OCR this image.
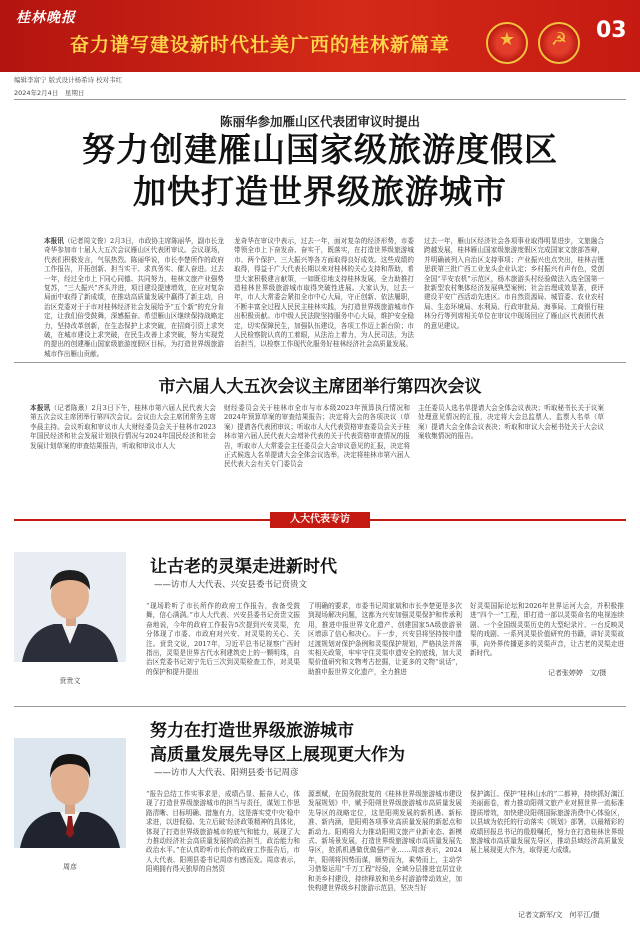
桂林晚报
奋力谱写建设新时代壮美广西的桂林新篇章	★	☭	03
编辑李富宁 版式设计杨希诗 校对韦红
2024年2月4日　星期日
陈丽华参加雁山区代表团审议时提出
努力创建雁山国家级旅游度假区
加快打造世界级旅游城市
本报讯（记者周文俊）2月3日，市政协主席陈丽华，副市长龙奇华参加市十届人大五次会议雁山区代表团审议。会议现场，代表们积极发言，气氛热烈。陈丽华说，市长李楚所作的政府工作报告，开拓创新、担当实干、求真务实、催人奋进。过去一年，经过全市上下同心同德、共同努力，桂林文旅产业强势复苏，“三大振兴”齐头并进，项目建设提速增效，在应对复杂局面中取得了新成绩，在推动高质量发展中赢得了新主动，自治区党委对于于市对桂林经济社会发展给予“五个新”的充分肯定，让我们倍受鼓舞，深感振奋。希望雁山区继续保持战略定力，坚持改革创新，在生态保护上求突破，在招商引资上求突破，在城市建设上求突破，在民生改善上求突破，努力实现党的提出的创建雁山国家级旅游度假区目标，为打造世界级旅游城市作出雁山贡献。
龙奇华在审议中表示，过去一年，面对复杂的经济形势，市委带领全市上下奋发奋、奋实干，既落实，在打造世界级旅游城市、两个保护、三大振兴等各方面取得良好成效。这些成绩的取得，得益于广大代表长期以来对桂林的关心支持和帮助，希望大家积极建言献策，一如既往地支持桂林发展，全力助推打造桂林世界级旅游城市取得突破性进展。大家认为，过去一年，市人大常委会紧扣全市中心大局，守正创新、依法履职，不断丰富全过程人民民主桂林实践，为打造世界级旅游城市作出积极贡献。市中级人民法院坚持服务中心大局，维护安全稳定，切实保障民生，加强队伍建设，各项工作迈上新台阶；市人民检察院认真的工着眼，从法治上着力，为人民司法，为法治担当，以检察工作现代化服务好桂林经济社会高质量发展。
过去一年，雁山区经济社会各项事业取得明显进步，文旅融合跨越发展，桂林雁山国家级旅游度假区完成国家文旅部答辩，并明确被列入自治区支持事项；产业振兴也点突出，桂林吉锂思获第三批广西工业龙头企业认定；乡村振兴有声有色，党创全国“平安农机”示范区，杨木旅游头村经验做法入选全国第一批新型农村集体经济发展典型案例；社会治理成效显著，获评建设平安广西活动先进区。市自然资源局、城管委、农业农村局、生态环境局、水利局、行政审批局、海事局、工商银行桂林分行等列席相关单位在审议中现场回应了雁山区代表团代表的意见建议。
市六届人大五次会议主席团举行第四次会议
本报讯（记者陈熹）2月3日下午，桂林市第六届人民代表大会第五次会议主席团举行第四次会议。会议由大会主席团常务主席李晨主持。会议听取和审议市人大财经委员会关于桂林市2023年国民经济和社会发展计划执行情况与2024年国民经济和社会发展计划草案的审查结果报告，听取和审议市人大
财经委员会关于桂林市全市与市本级2023年预算执行情况和2024年预算草案的审查结果报告；决定将大会的各项决议（草案）提请各代表团审议；听取市人大代表资格审查委员会关于桂林市第六届人民代表大会增补代表的关于代表资格审查情况的报告，听取市人大常委会主任委员会大会审议意见的汇报，决定将正式候选人名单提请大会全体会议选举，决定将桂林市第六届人民代表大会有关专门委员会
主任委员人选名单提请大会全体会议表决；听取秘书长关于议案处理意见情况的汇报，决定将大会总监票人、监票人名单（草案）提请大会全体会议表决；听取和审议大会秘书处关于大会议案收集情况的报告。
人大代表专访
贲贵文
让古老的灵渠走进新时代
——访市人大代表、兴安县委书记贲贵文
“现场聆听了市长所作的政府工作报告，我备受鼓舞，信心满满。”市人大代表、兴安县委书记贲贵文振奋地说，今年的政府工作报告5次提到兴安灵渠，充分体现了市委、市政府对兴安、对灵渠的关心、关注。贲贵文说，2017年，习近平总书记视察广西时指出，灵渠是世界古代水利建筑史上的一颗明珠，自治区党委书记刘宁先后三次到灵渠检查工作，对灵渠的保护和提升提出
了明确的要求，市委书记周家斌和市长李楚更是多次到现场解决问题，这都为兴安加强灵渠保护和传承利用，推进申报世界文化遗产、创建国家5A级旅游景区增添了信心和决心。下一步，兴安县将坚持按申遗过渡规划对保护条例和灵渠保护规划，严格执法并落实相关政策，牢牢守住灵渠申遗安全的底线，加大灵渠价值研究和文物考古挖掘，让更多的文物“说话”，助推申报世界文化遗产，全力推进
好灵渠国际论坛和2026年世界运河大会，并积极推进“四个一”工程，即打造一部以灵渠命名的电视连续剧、一个全国级灵渠历史的大型纪录片、一台反映灵渠的戏剧、一系列灵渠价值研究的书籍，讲好灵渠故事，向外界传播更多的灵渠声音，让古老的灵渠走进新时代。
记者张婷婷　文/摄
周彦
努力在打造世界级旅游城市
高质量发展先导区上展现更大作为
——访市人大代表、阳朔县委书记周彦
“报告总结工作实事求是，成绩凸显、振奋人心，体现了打造世界级旅游城市的担当与责任，谋划工作思路清晰、目标明确、措施有力，这是落实党中央‘稳中求进，以进促稳、先立后破’经济政策精神的具体化，体现了打造世界级旅游城市的底气和能力，展现了大力推动经济社会高质量发展的政治担当，政治能力和政治水平。”在认真聆听市长作的政府工作报告后，市人大代表、阳朔县委书记周彦有感而发。周彦表示，阳朔拥有得天独厚的自然资
源禀赋，在国务院批复的《桂林世界级旅游城市建设发展规划》中，赋予阳朔世界级旅游城市高质量发展先导区的战略定位，这是阳朔发展的新机遇、新标准、新内涵，是阳朔各项事业高质量发展的新起点和新动力。阳朔将大力推动阳朔文旅产业新业态、新模式、新场景发展，打造世界级旅游城市高质量发展先导区，抢抓机遇做优做强产业……周彦表示，2024年，阳朔将因势而谋，顺势而为，乘势而上，主动学习借鉴运用“千万工程”经验，全域分层推进宜居宜业和美乡村建设，持续释放和美乡村游游带动效应，加快构建世界级乡村旅游示范县，坚决当好
保护漓江、保护“桂林山水的”二都神，持续抓好漓江美丽画卷，着力推动阳朔文旅产业对照世界一流标准提质增效，加快建设阳朔国际旅游消费中心体验区，以县域为依托的行动落实《规划》部署，以最精彩的成绩回报总书记的殷殷嘱托，努力在打造桂林世界级旅游城市高质量发展先导区，推动县域经济高质量发展上展现更大作为，取得更大成绩。
记者文新军/文　何平江/摄
